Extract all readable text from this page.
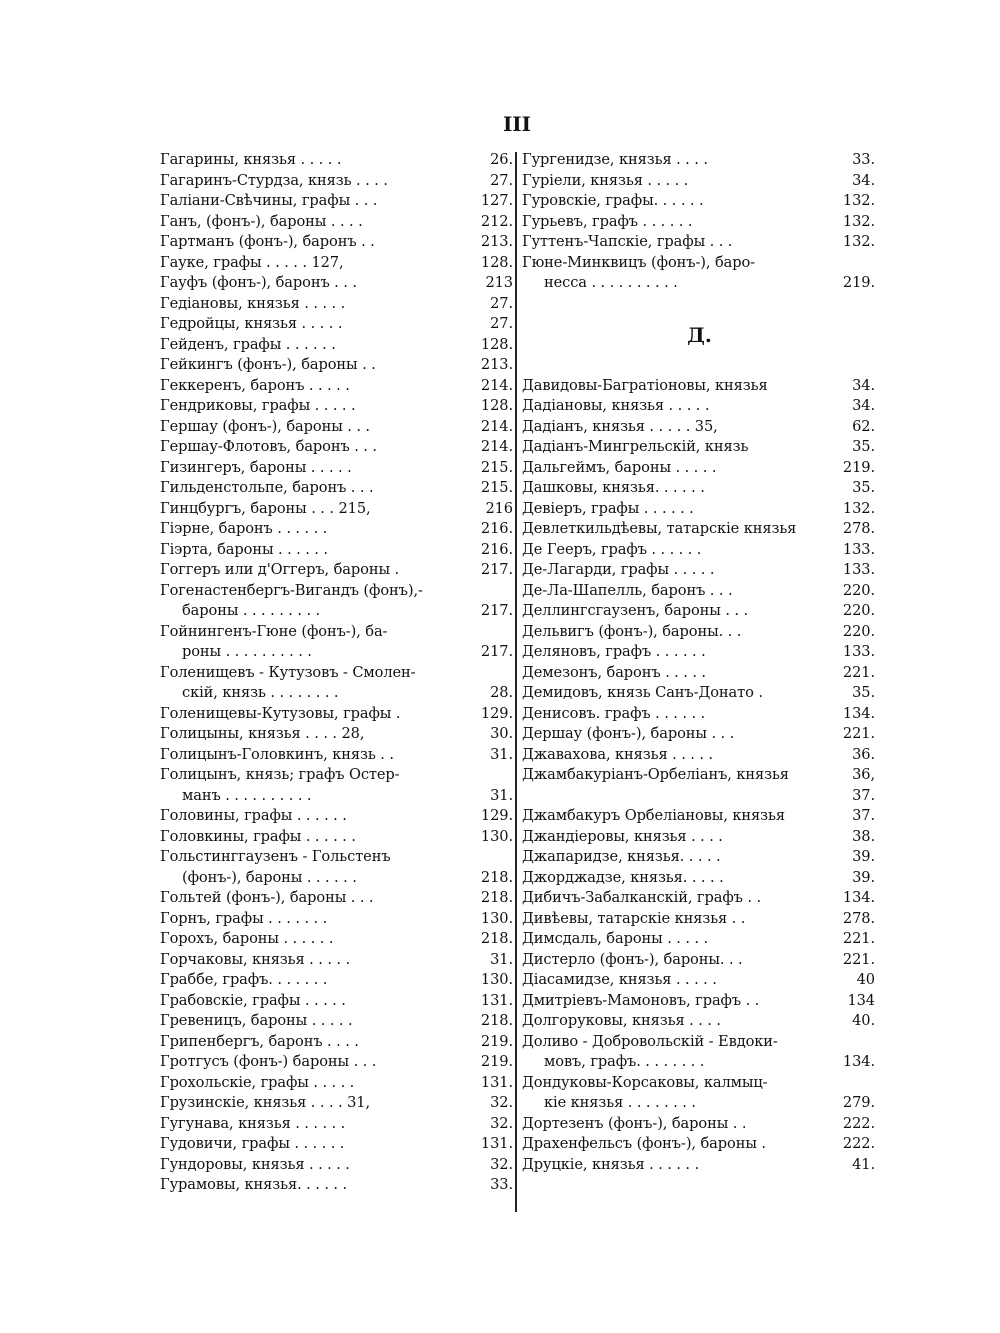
III
Гагарины, князья . . . . .	26.
Гагаринъ-Стурдза, князь . . . .	27.
Галіани-Свѣчины, графы . . .	127.
Ганъ, (фонъ-), бароны . . . .	212.
Гартманъ (фонъ-), баронъ . .	213.
Гауке, графы . . . . . 127,	128.
Гауфъ (фонъ-), баронъ . . .	213
Гедіановы, князья . . . . .	27.
Гедройцы, князья . . . . .	27.
Гейденъ, графы . . . . . .	128.
Гейкингъ (фонъ-), бароны . .	213.
Геккеренъ, баронъ . . . . .	214.
Гендриковы, графы . . . . .	128.
Гершау (фонъ-), бароны . . .	214.
Гершау-Флотовъ, баронъ . . .	214.
Гизингеръ, бароны . . . . .	215.
Гильденстольпе, баронъ . . .	215.
Гинцбургъ, бароны . . . 215,	216
Гіэрне, баронъ . . . . . .	216.
Гіэрта, бароны . . . . . .	216.
Гоггеръ или д'Оггеръ, бароны .	217.
Гогенастенбергъ-Вигандъ (фонъ),-
бароны . . . . . . . . .	217.
Гойнингенъ-Гюне (фонъ-), ба-
роны . . . . . . . . . .	217.
Голенищевъ - Кутузовъ - Смолен-
скій, князь . . . . . . . .	28.
Голенищевы-Кутузовы, графы .	129.
Голицыны, князья . . . . 28,	30.
Голицынъ-Головкинъ, князь . .	31.
Голицынъ, князь; графъ Остер-
манъ . . . . . . . . . .	31.
Головины, графы . . . . . .	129.
Головкины, графы . . . . . .	130.
Гольстинггаузенъ - Гольстенъ
(фонъ-), бароны . . . . . .	218.
Гольтей (фонъ-), бароны . . .	218.
Горнъ, графы . . . . . . .	130.
Горохъ, бароны . . . . . .	218.
Горчаковы, князья . . . . .	31.
Граббе, графъ. . . . . . .	130.
Грабовскіе, графы . . . . .	131.
Гревеницъ, бароны . . . . .	218.
Грипенбергъ, баронъ . . . .	219.
Гротгусъ (фонъ-) бароны . . .	219.
Грохольскіе, графы . . . . .	131.
Грузинскіе, князья . . . . 31,	32.
Гугунава, князья . . . . . .	32.
Гудовичи, графы . . . . . .	131.
Гундоровы, князья . . . . .	32.
Гурамовы, князья. . . . . .	33.
Гургенидзе, князья . . . .	33.
Гуріели, князья . . . . .	34.
Гуровскіе, графы. . . . . .	132.
Гурьевъ, графъ . . . . . .	132.
Гуттенъ-Чапскіе, графы . . .	132.
Гюне-Минквицъ (фонъ-), баро-
несса . . . . . . . . . .	219.
Д.
Давидовы-Багратіоновы, князья	34.
Дадіановы, князья . . . . .	34.
Дадіанъ, князья . . . . . 35,	62.
Дадіанъ-Мингрельскій, князь	35.
Дальгеймъ, бароны . . . . .	219.
Дашковы, князья. . . . . .	35.
Девіеръ, графы . . . . . .	132.
Девлеткильдѣевы, татарскіе князья	278.
Де Гееръ, графъ . . . . . .	133.
Де-Лагарди, графы . . . . .	133.
Де-Ла-Шапелль, баронъ . . .	220.
Деллингсгаузенъ, бароны . . .	220.
Дельвигъ (фонъ-), бароны. . .	220.
Деляновъ, графъ . . . . . .	133.
Демезонъ, баронъ . . . . .	221.
Демидовъ, князь Санъ-Донато .	35.
Денисовъ. графъ . . . . . .	134.
Дершау (фонъ-), бароны . . .	221.
Джавахова, князья . . . . .	36.
Джамбакуріанъ-Орбеліанъ, князья	36,
37.
Джамбакуръ Орбеліановы, князья	37.
Джандіеровы, князья . . . .	38.
Джапаридзе, князья. . . . .	39.
Джорджадзе, князья. . . . .	39.
Дибичъ-Забалканскій, графъ . .	134.
Дивѣевы, татарскіе князья . .	278.
Димсдаль, бароны . . . . .	221.
Дистерло (фонъ-), бароны. . .	221.
Діасамидзе, князья . . . . .	40
Дмитріевъ-Мамоновъ, графъ . .	134
Долгоруковы, князья . . . .	40.
Доливо - Добровольскій - Евдоки-
мовъ, графъ. . . . . . . .	134.
Дондуковы-Корсаковы, калмыц-
кіе князья . . . . . . . .	279.
Дортезенъ (фонъ-), бароны . .	222.
Драхенфельсъ (фонъ-), бароны .	222.
Друцкіе, князья . . . . . .	41.
